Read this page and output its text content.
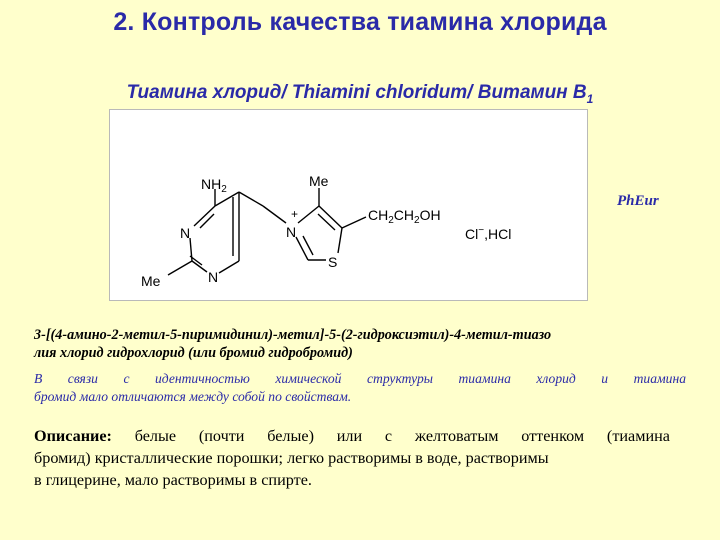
2. Контроль качества тиамина хлорида
Тиамина хлорид/ Thiamini chloridum/ Витамин $В_1$
$NH_2$
N
N
Me
Me
+
N
S
$CH_2CH_2OH$
Cl−,HCl
PhEur
3-[(4-амино-2-метил-5-пиримидинил)-метил]-5-(2-гидроксиэтил)-4-метил-тиазо
лия хлорид гидрохлорид (или бромид гидробромид)
В связи с идентичностью химической структуры тиамина хлорид и тиамина
бромид мало отличаются между собой по свойствам.
Описание: белые (почти белые) или с желтоватым оттенком (тиамина
бромид) кристаллические порошки; легко растворимы в воде, растворимы
в глицерине, мало растворимы в спирте.
